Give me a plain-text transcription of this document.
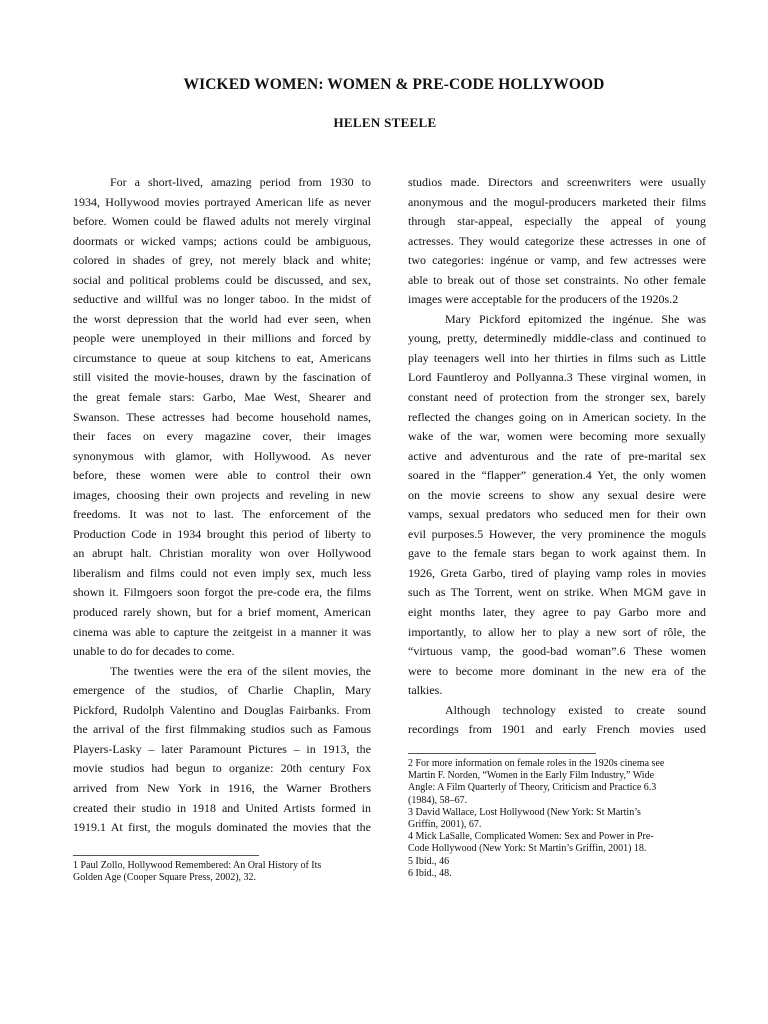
WICKED WOMEN: WOMEN & PRE-CODE HOLLYWOOD
HELEN STEELE
For a short-lived, amazing period from 1930 to
1934, Hollywood movies portrayed American life as never
before. Women could be flawed adults not merely virginal
doormats or wicked vamps; actions could be ambiguous,
colored in shades of grey, not merely black and white;
social and political problems could be discussed, and sex,
seductive and willful was no longer taboo. In the midst of
the worst depression that the world had ever seen, when
people were unemployed in their millions and forced by
circumstance to queue at soup kitchens to eat, Americans
still visited the movie-houses, drawn by the fascination of
the great female stars: Garbo, Mae West, Shearer and
Swanson. These actresses had become household names,
their faces on every magazine cover, their images
synonymous with glamor, with Hollywood. As never
before, these women were able to control their own
images, choosing their own projects and reveling in new
freedoms. It was not to last. The enforcement of the
Production Code in 1934 brought this period of liberty to
an abrupt halt. Christian morality won over Hollywood
liberalism and films could not even imply sex, much less
shown it. Filmgoers soon forgot the pre-code era, the films
produced rarely shown, but for a brief moment, American
cinema was able to capture the zeitgeist in a manner it was
unable to do for decades to come.
The twenties were the era of the silent movies, the
emergence of the studios, of Charlie Chaplin, Mary
Pickford, Rudolph Valentino and Douglas Fairbanks. From
the arrival of the first filmmaking studios such as Famous
Players-Lasky – later Paramount Pictures – in 1913, the
movie studios had begun to organize: 20th century Fox
arrived from New York in 1916, the Warner Brothers
created their studio in 1918 and United Artists formed in
1919.1 At first, the moguls dominated the movies that the
studios made. Directors and screenwriters were usually
anonymous and the mogul-producers marketed their films
through star-appeal, especially the appeal of young
actresses. They would categorize these actresses in one of
two categories: ingénue or vamp, and few actresses were
able to break out of those set constraints. No other female
images were acceptable for the producers of the 1920s.2
Mary Pickford epitomized the ingénue. She was
young, pretty, determinedly middle-class and continued to
play teenagers well into her thirties in films such as Little
Lord Fauntleroy and Pollyanna.3 These virginal women, in
constant need of protection from the stronger sex, barely
reflected the changes going on in American society. In the
wake of the war, women were becoming more sexually
active and adventurous and the rate of pre-marital sex
soared in the “flapper” generation.4 Yet, the only women
on the movie screens to show any sexual desire were
vamps, sexual predators who seduced men for their own
evil purposes.5 However, the very prominence the moguls
gave to the female stars began to work against them. In
1926, Greta Garbo, tired of playing vamp roles in movies
such as The Torrent, went on strike. When MGM gave in
eight months later, they agree to pay Garbo more and
importantly, to allow her to play a new sort of rôle, the
“virtuous vamp, the good-bad woman”.6 These women
were to become more dominant in the new era of the
talkies.
Although technology existed to create sound
recordings from 1901 and early French movies used
1 Paul Zollo, Hollywood Remembered: An Oral History of Its
Golden Age (Cooper Square Press, 2002), 32.
2 For more information on female roles in the 1920s cinema see
Martin F. Norden, “Women in the Early Film Industry,” Wide
Angle: A Film Quarterly of Theory, Criticism and Practice 6.3
(1984), 58–67.
3 David Wallace, Lost Hollywood (New York: St Martin’s
Griffin, 2001), 67.
4 Mick LaSalle, Complicated Women: Sex and Power in Pre-
Code Hollywood (New York: St Martin’s Griffin, 2001) 18.
5 Ibid., 46
6 Ibid., 48.
